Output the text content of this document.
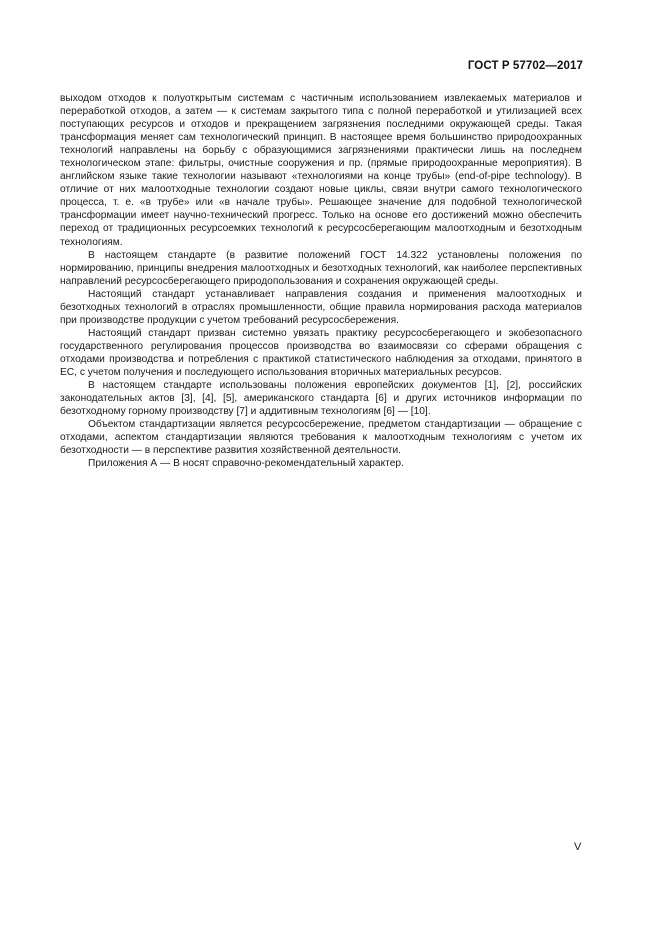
ГОСТ Р 57702—2017

выходом отходов к полуоткрытым системам с частичным использованием извлекаемых материалов и переработкой отходов, а затем — к системам закрытого типа с полной переработкой и утилизацией всех поступающих ресурсов и отходов и прекращением загрязнения последними окружающей среды. Такая трансформация меняет сам технологический принцип. В настоящее время большинство природоохранных технологий направлены на борьбу с образующимися загрязнениями практически лишь на последнем технологическом этапе: фильтры, очистные сооружения и пр. (прямые природоохранные мероприятия). В английском языке такие технологии называют «технологиями на конце трубы» (end-of-pipe technology). В отличие от них малоотходные технологии создают новые циклы, связи внутри самого технологического процесса, т. е. «в трубе» или «в начале трубы». Решающее значение для подобной технологической трансформации имеет научно-технический прогресс. Только на основе его достижений можно обеспечить переход от традиционных ресурсоемких технологий к ресурсосберегающим малоотходным и безотходным технологиям.

В настоящем стандарте (в развитие положений ГОСТ 14.322 установлены положения по нормированию, принципы внедрения малоотходных и безотходных технологий, как наиболее перспективных направлений ресурсосберегающего природопользования и сохранения окружающей среды.

Настоящий стандарт устанавливает направления создания и применения малоотходных и безотходных технологий в отраслях промышленности, общие правила нормирования расхода материалов при производстве продукции с учетом требований ресурсосбережения.

Настоящий стандарт призван системно увязать практику ресурсосберегающего и экобезопасного государственного регулирования процессов производства во взаимосвязи со сферами обращения с отходами производства и потребления с практикой статистического наблюдения за отходами, принятого в ЕС, с учетом получения и последующего использования вторичных материальных ресурсов.

В настоящем стандарте использованы положения европейских документов [1], [2], российских законодательных актов [3], [4], [5], американского стандарта [6] и других источников информации по безотходному горному производству [7] и аддитивным технологиям [6] — [10].

Объектом стандартизации является ресурсосбережение, предметом стандартизации — обращение с отходами, аспектом стандартизации являются требования к малоотходным технологиям с учетом их безотходности — в перспективе развития хозяйственной деятельности.

Приложения А — В носят справочно-рекомендательный характер.

V
